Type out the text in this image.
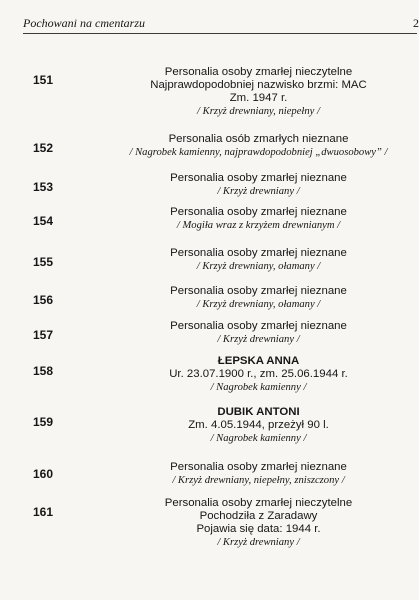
Pochowani na cmentarzu	2
151
Personalia osoby zmarłej nieczytelne
Najprawdopodobniej nazwisko brzmi: MAC
Zm. 1947 r.
/ Krzyż drewniany, niepełny /
152
Personalia osób zmarłych nieznane
/ Nagrobek kamienny, najprawdopodobniej „dwuosobowy” /
153
Personalia osoby zmarłej nieznane
/ Krzyż drewniany /
154
Personalia osoby zmarłej nieznane
/ Mogiła wraz z krzyżem drewnianym /
155
Personalia osoby zmarłej nieznane
/ Krzyż drewniany, ołamany /
156
Personalia osoby zmarłej nieznane
/ Krzyż drewniany, ołamany /
157
Personalia osoby zmarłej nieznane
/ Krzyż drewniany /
158
ŁEPSKA ANNA
Ur. 23.07.1900 r., zm. 25.06.1944 r.
/ Nagrobek kamienny /
159
DUBIK ANTONI
Zm. 4.05.1944, przeżył 90 l.
/ Nagrobek kamienny /
160	Personalia osoby zmarłej nieznane
/ Krzyż drewniany, niepełny, zniszczony /
161
Personalia osoby zmarłej nieczytelne
Pochodziła z Zaradawy
Pojawia się data: 1944 r.
/ Krzyż drewniany /
